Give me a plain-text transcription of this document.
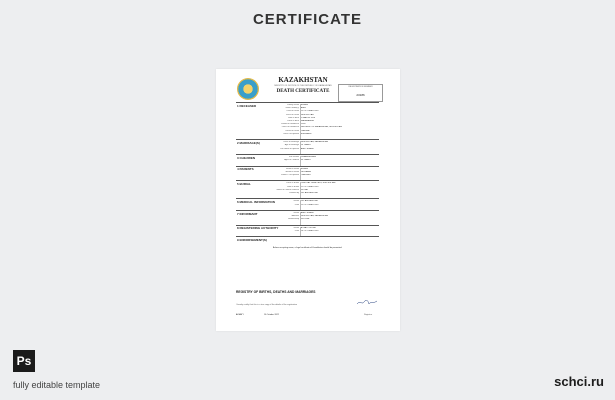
CERTIFICATE
KAZAKHSTAN
MINISTRY OF JUSTICE OF THE REPUBLIC OF KAZAKHSTAN
DEATH CERTIFICATE
REGISTRATION NUMBER
23186
Before accepting name, a legal certificate of Kazakhstan should be presented.
REGISTRY OF BIRTHS, DEATHS AND MARRIAGES
I hereby certify that this is a true copy of the details of the registration
ALMATY	16 October 2022	Registrar
1 DECEASED	Family Name ERMEK
Given Name(s) ASEL
Date of Death 13 OCTOBER 2022
Place of Death NUR-SULTAN
Date of Birth 2 MARCH 1958
Place of Birth KARAGANDA
Period of Residence 2005
Place of Residence REPUBLIC OF KAZAKHSTAN, NUR-SULTAN
Cause of Death CARDIAC
Usual Occupation ENGINEER
2 MARRIAGE(S)	Place of Marriage NUR-SULTAN, KAZAKHSTAN
Age at Marriage 24 YEARS
Full Name of Spouse ASET ERMEK
3 CHILDREN	Full Names DINARA ERMEK
Ages of Children 38 YEARS
4 PARENTS	Father's Name ERMEK
Mother's Name GULNARA
Father's Occupation TEACHER
5 BURIAL	Place of Burial CENTRAL CEMETERY, NUR-SULTAN
Date of Burial 15 OCTOBER 2022
Name of Funeral Director RITUAL
Certified by DR. ADILBEKOVA
6 MEDICAL INFORMATION	Name DR. ADILBEKOVA
Date 13 OCTOBER 2022
7 INFORMANT	Name ASET ERMEK
Address NUR-SULTAN, KAZAKHSTAN
Relationship SPOUSE
8 REGISTERING AUTHORITY	Name A. BAYTOKOVA
Date 14 OCTOBER 2022
9 ENDORSEMENT(S)
Ps
fully editable template	schci.ru
